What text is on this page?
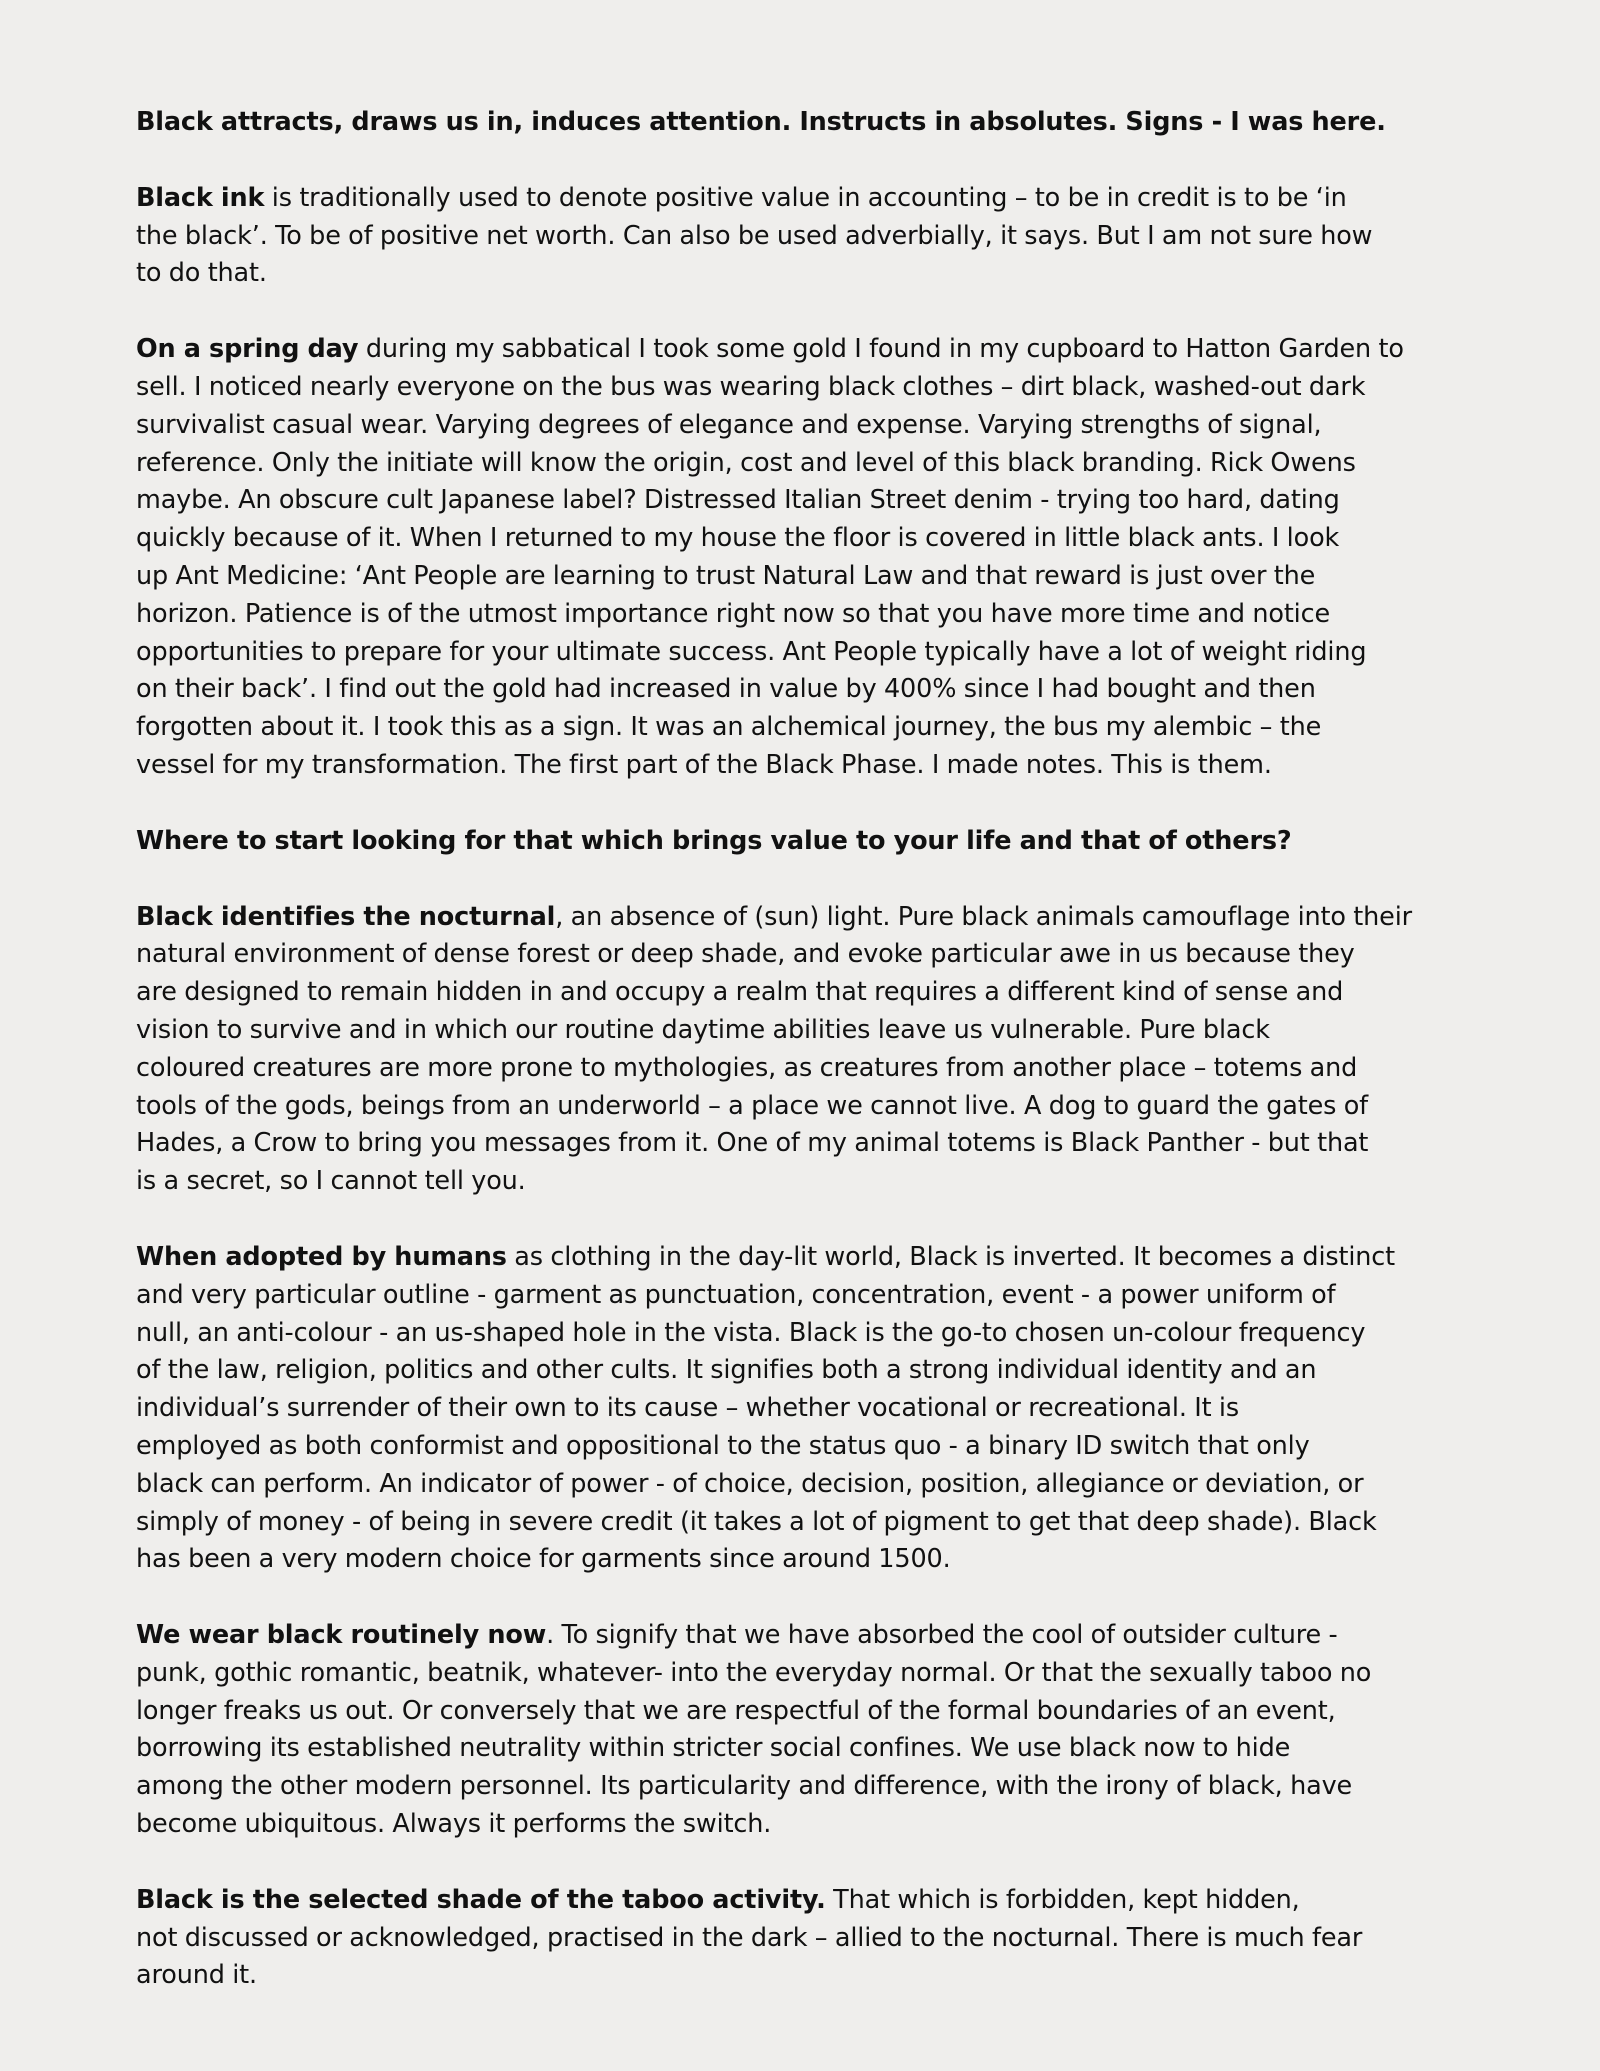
Black attracts, draws us in, induces attention. Instructs in absolutes. Signs - I was here.

Black ink is traditionally used to denote positive value in accounting – to be in credit is to be ‘in
the black’. To be of positive net worth. Can also be used adverbially, it says. But I am not sure how
to do that.

On a spring day during my sabbatical I took some gold I found in my cupboard to Hatton Garden to
sell. I noticed nearly everyone on the bus was wearing black clothes – dirt black, washed-out dark
survivalist casual wear. Varying degrees of elegance and expense. Varying strengths of signal,
reference. Only the initiate will know the origin, cost and level of this black branding. Rick Owens
maybe. An obscure cult Japanese label? Distressed Italian Street denim - trying too hard, dating
quickly because of it. When I returned to my house the floor is covered in little black ants. I look
up Ant Medicine: ‘Ant People are learning to trust Natural Law and that reward is just over the
horizon. Patience is of the utmost importance right now so that you have more time and notice
opportunities to prepare for your ultimate success. Ant People typically have a lot of weight riding
on their back’. I find out the gold had increased in value by 400% since I had bought and then
forgotten about it. I took this as a sign. It was an alchemical journey, the bus my alembic – the
vessel for my transformation. The first part of the Black Phase. I made notes. This is them.

Where to start looking for that which brings value to your life and that of others?

Black identifies the nocturnal, an absence of (sun) light. Pure black animals camouflage into their
natural environment of dense forest or deep shade, and evoke particular awe in us because they
are designed to remain hidden in and occupy a realm that requires a different kind of sense and
vision to survive and in which our routine daytime abilities leave us vulnerable. Pure black
coloured creatures are more prone to mythologies, as creatures from another place – totems and
tools of the gods, beings from an underworld – a place we cannot live. A dog to guard the gates of
Hades, a Crow to bring you messages from it. One of my animal totems is Black Panther - but that
is a secret, so I cannot tell you.

When adopted by humans as clothing in the day-lit world, Black is inverted. It becomes a distinct
and very particular outline - garment as punctuation, concentration, event - a power uniform of
null, an anti-colour - an us-shaped hole in the vista. Black is the go-to chosen un-colour frequency
of the law, religion, politics and other cults. It signifies both a strong individual identity and an
individual’s surrender of their own to its cause – whether vocational or recreational. It is
employed as both conformist and oppositional to the status quo - a binary ID switch that only
black can perform. An indicator of power - of choice, decision, position, allegiance or deviation, or
simply of money - of being in severe credit (it takes a lot of pigment to get that deep shade). Black
has been a very modern choice for garments since around 1500.

We wear black routinely now. To signify that we have absorbed the cool of outsider culture -
punk, gothic romantic, beatnik, whatever- into the everyday normal. Or that the sexually taboo no
longer freaks us out. Or conversely that we are respectful of the formal boundaries of an event,
borrowing its established neutrality within stricter social confines. We use black now to hide
among the other modern personnel. Its particularity and difference, with the irony of black, have
become ubiquitous. Always it performs the switch.

Black is the selected shade of the taboo activity. That which is forbidden, kept hidden,
not discussed or acknowledged, practised in the dark – allied to the nocturnal. There is much fear
around it.
